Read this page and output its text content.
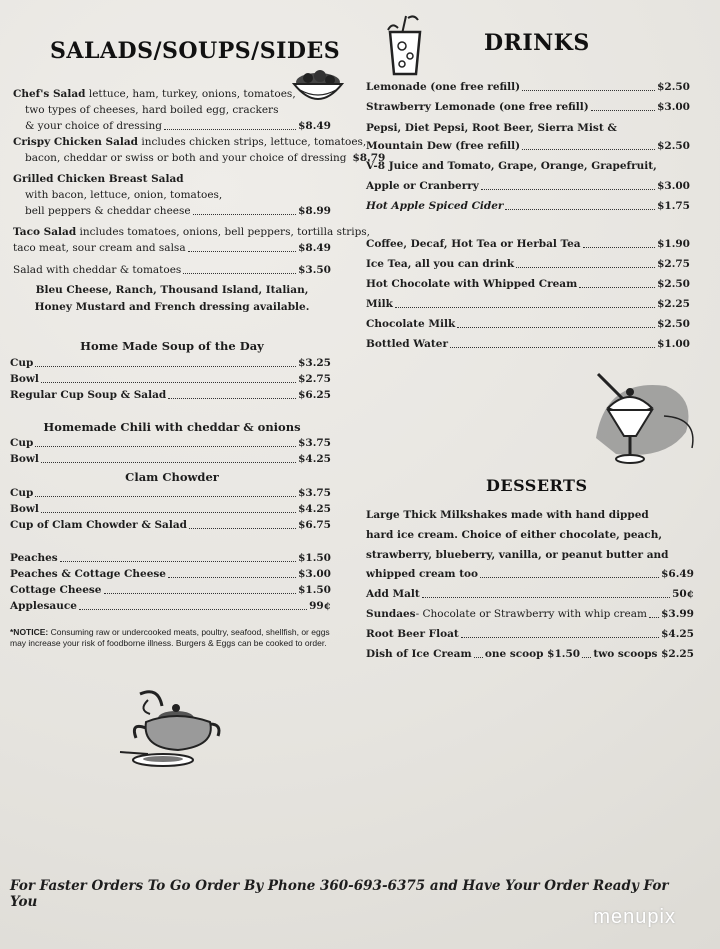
SALADS/SOUPS/SIDES
Chef's Salad lettuce, ham, turkey, onions, tomatoes,
two types of cheeses, hard boiled egg, crackers
& your choice of dressing	$8.49
Crispy Chicken Salad includes chicken strips, lettuce, tomatoes,
bacon, cheddar or swiss or both and your choice of dressing $8.79
Grilled Chicken Breast Salad
with bacon, lettuce, onion, tomatoes,
bell peppers & cheddar cheese	$8.99
Taco Salad includes tomatoes, onions, bell peppers, tortilla strips,
taco meat, sour cream and salsa	$8.49
Salad with cheddar & tomatoes	$3.50
Bleu Cheese, Ranch, Thousand Island, Italian,
Honey Mustard and French dressing available.
Home Made Soup of the Day
Cup	$3.25
Bowl	$2.75
Regular Cup Soup & Salad	$6.25
Homemade Chili with cheddar & onions
Cup	$3.75
Bowl	$4.25
Clam Chowder
Cup	$3.75
Bowl	$4.25
Cup of Clam Chowder & Salad	$6.75
Peaches	$1.50
Peaches & Cottage Cheese	$3.00
Cottage Cheese	$1.50
Applesauce	99¢
*NOTICE: Consuming raw or undercooked meats, poultry, seafood, shellfish, or eggs
may increase your risk of foodborne illness. Burgers & Eggs can be cooked to order.
DRINKS
Lemonade (one free refill)	$2.50
Strawberry Lemonade (one free refill)	$3.00
Pepsi, Diet Pepsi, Root Beer, Sierra Mist &
Mountain Dew (free refill)	$2.50
V-8 Juice and Tomato, Grape, Orange, Grapefruit,
Apple or Cranberry	$3.00
Hot Apple Spiced Cider	$1.75
Coffee, Decaf, Hot Tea or Herbal Tea	$1.90
Ice Tea, all you can drink	$2.75
Hot Chocolate with Whipped Cream	$2.50
Milk	$2.25
Chocolate Milk	$2.50
Bottled Water	$1.00
DESSERTS
Large Thick Milkshakes made with hand dipped
hard ice cream. Choice of either chocolate, peach,
strawberry, blueberry, vanilla, or peanut butter and
whipped cream too	$6.49
Add Malt	50¢
Sundaes - Chocolate or Strawberry with whip cream $3.99
Root Beer Float	$4.25
Dish of Ice Cream one scoop $1.50 two scoops $2.25
For Faster Orders To Go Order By Phone 360-693-6375 and Have Your Order Ready For You
menupix
